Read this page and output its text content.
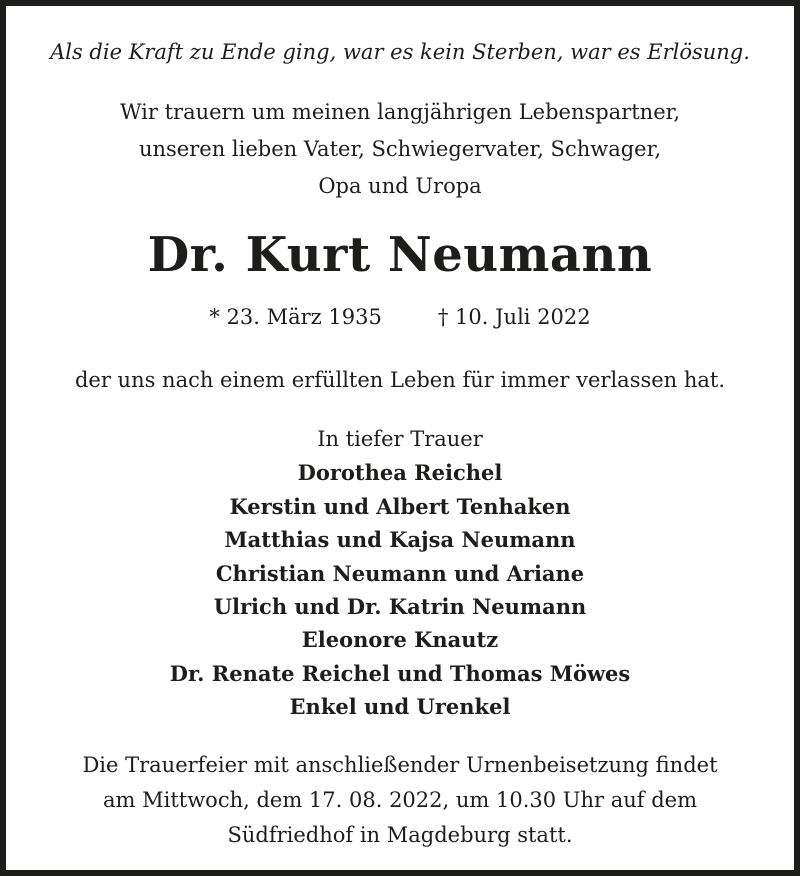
Als die Kraft zu Ende ging, war es kein Sterben, war es Erlösung.
Wir trauern um meinen langjährigen Lebenspartner,
unseren lieben Vater, Schwiegervater, Schwager,
Opa und Uropa
Dr. Kurt Neumann
* 23. März 1935	† 10. Juli 2022
der uns nach einem erfüllten Leben für immer verlassen hat.
In tiefer Trauer
Dorothea Reichel
Kerstin und Albert Tenhaken
Matthias und Kajsa Neumann
Christian Neumann und Ariane
Ulrich und Dr. Katrin Neumann
Eleonore Knautz
Dr. Renate Reichel und Thomas Möwes
Enkel und Urenkel
Die Trauerfeier mit anschließender Urnenbeisetzung findet
am Mittwoch, dem 17. 08. 2022, um 10.30 Uhr auf dem
Südfriedhof in Magdeburg statt.
